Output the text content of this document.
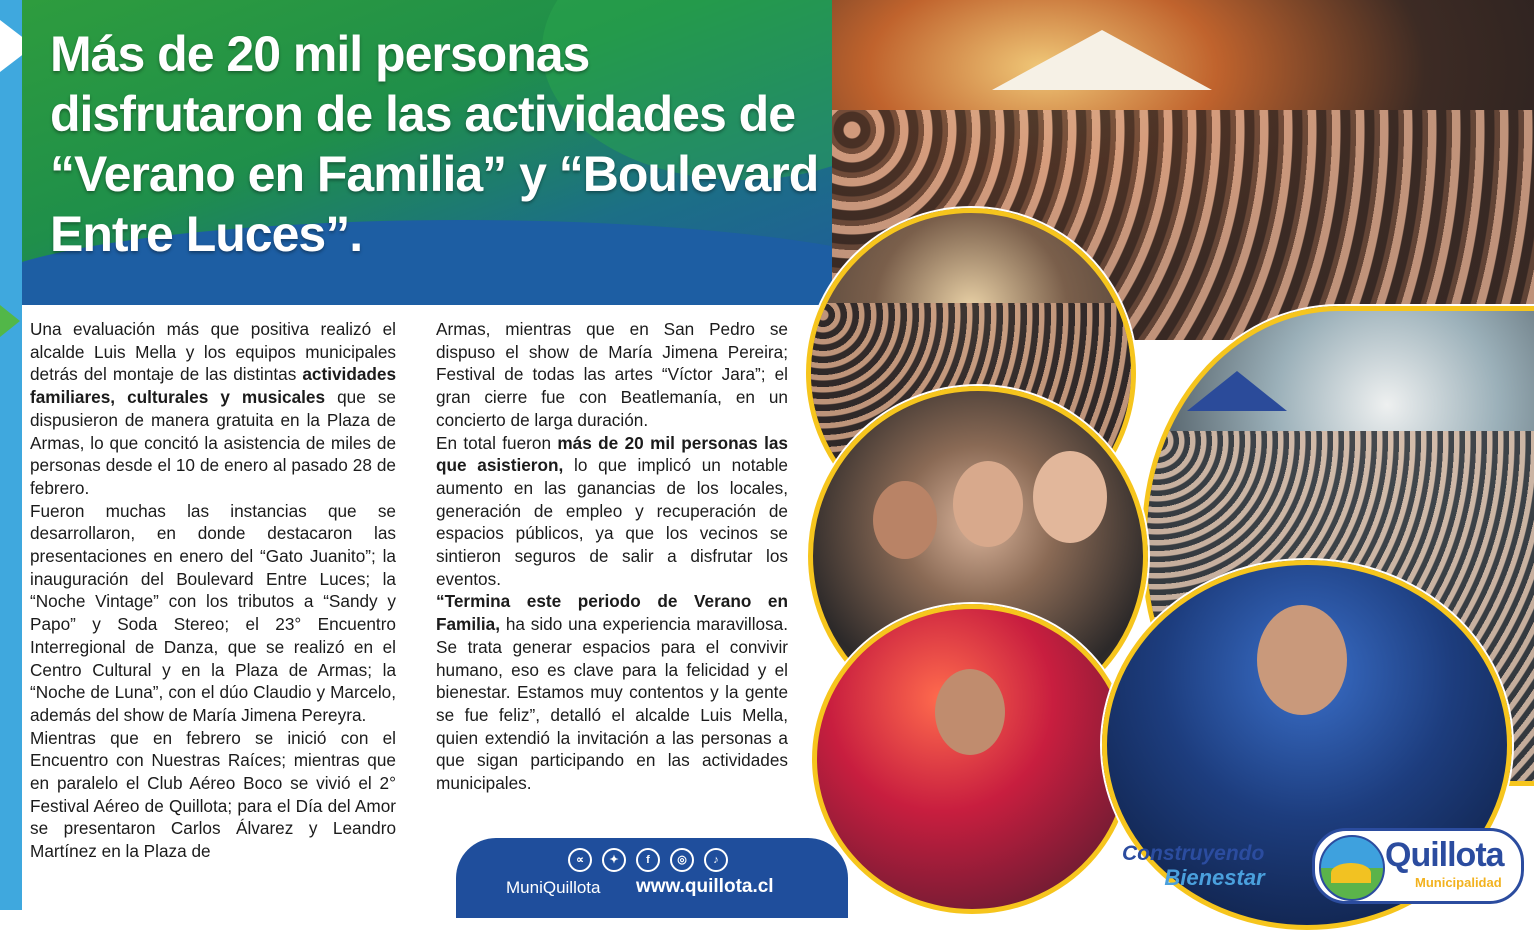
Más de 20 mil personas disfrutaron de las actividades de “Verano en Familia” y “Boulevard Entre Luces”.

Una evaluación más que positiva realizó el alcalde Luis Mella y los equipos municipales detrás del montaje de las distintas actividades familiares, culturales y musicales que se dispusieron de manera gratuita en la Plaza de Armas, lo que concitó la asistencia de miles de personas desde el 10 de enero al pasado 28 de febrero.

Fueron muchas las instancias que se desarrollaron, en donde destacaron las presentaciones en enero del “Gato Juanito”; la inauguración del Boulevard Entre Luces; la “Noche Vintage” con los tributos a “Sandy y Papo” y Soda Stereo; el 23° Encuentro Interregional de Danza, que se realizó en el Centro Cultural y en la Plaza de Armas; la “Noche de Luna”, con el dúo Claudio y Marcelo, además del show de María Jimena Pereyra.

Mientras que en febrero se inició con el Encuentro con Nuestras Raíces; mientras que en paralelo el Club Aéreo Boco se vivió el 2° Festival Aéreo de Quillota; para el Día del Amor se presentaron Carlos Álvarez y Leandro Martínez en la Plaza de

Armas, mientras que en San Pedro se dispuso el show de María Jimena Pereira; Festival de todas las artes “Víctor Jara”; el gran cierre fue con Beatlemanía, en un concierto de larga duración.

En total fueron más de 20 mil personas las que asistieron, lo que implicó un notable aumento en las ganancias de los locales, generación de empleo y recuperación de espacios públicos, ya que los vecinos se sintieron seguros de salir a disfrutar los eventos.

“Termina este periodo de Verano en Familia, ha sido una experiencia maravillosa. Se trata generar espacios para el convivir humano, eso es clave para la felicidad y el bienestar. Estamos muy contentos y la gente se fue feliz”, detalló el alcalde Luis Mella, quien extendió la invitación a las personas a que sigan participando en las actividades municipales.

∝	✦	f	◎	♪
MuniQuillota www.quillota.cl
Construyendo
Bienestar
Quillota
Municipalidad
